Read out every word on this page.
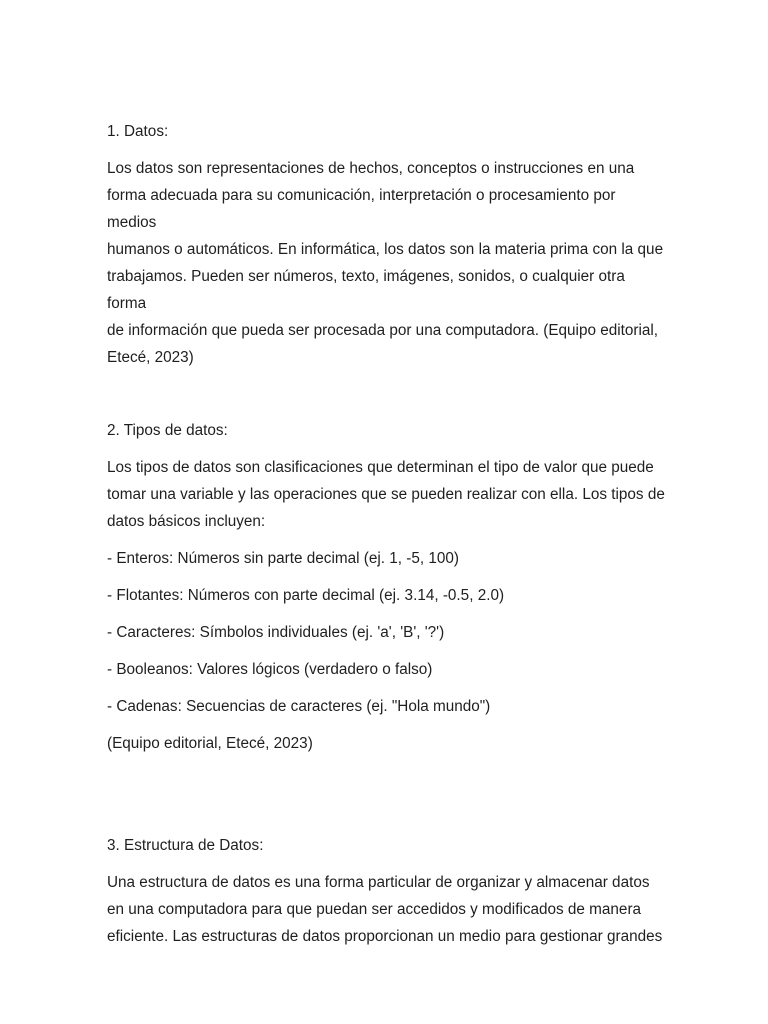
1. Datos:

Los datos son representaciones de hechos, conceptos o instrucciones en una
forma adecuada para su comunicación, interpretación o procesamiento por medios
humanos o automáticos. En informática, los datos son la materia prima con la que
trabajamos. Pueden ser números, texto, imágenes, sonidos, o cualquier otra forma
de información que pueda ser procesada por una computadora. (Equipo editorial,
Etecé, 2023)

2. Tipos de datos:

Los tipos de datos son clasificaciones que determinan el tipo de valor que puede
tomar una variable y las operaciones que se pueden realizar con ella. Los tipos de
datos básicos incluyen:

- Enteros: Números sin parte decimal (ej. 1, -5, 100)

- Flotantes: Números con parte decimal (ej. 3.14, -0.5, 2.0)

- Caracteres: Símbolos individuales (ej. 'a', 'B', '?')

- Booleanos: Valores lógicos (verdadero o falso)

- Cadenas: Secuencias de caracteres (ej. "Hola mundo")

(Equipo editorial, Etecé, 2023)

3. Estructura de Datos:

Una estructura de datos es una forma particular de organizar y almacenar datos
en una computadora para que puedan ser accedidos y modificados de manera
eficiente. Las estructuras de datos proporcionan un medio para gestionar grandes
